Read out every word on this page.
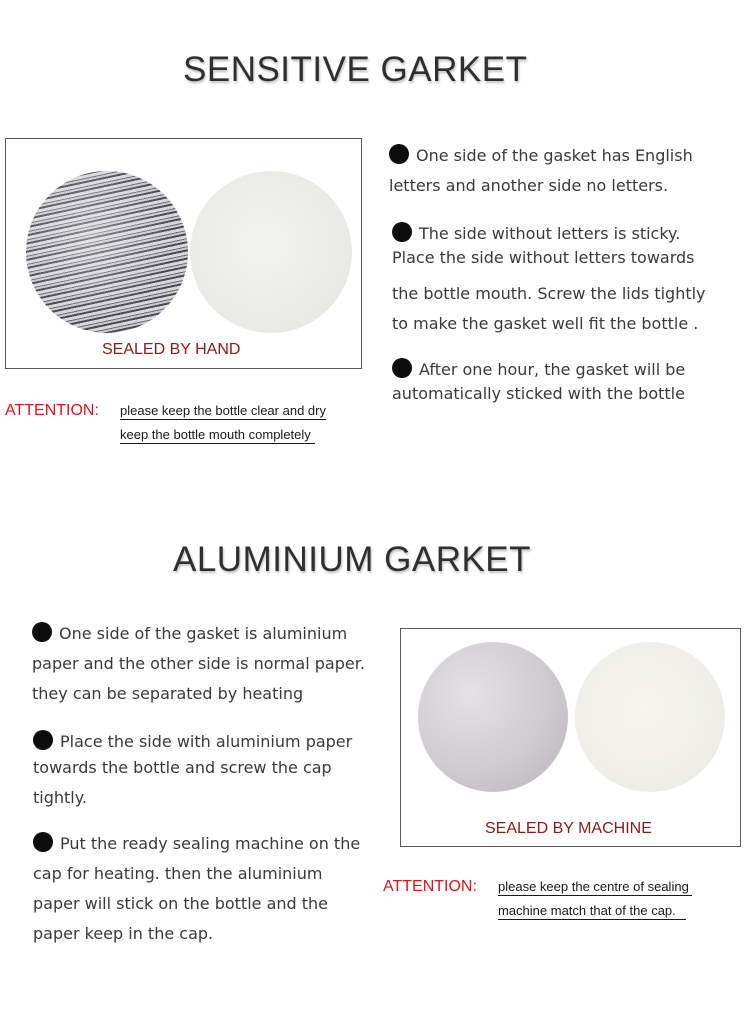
SENSITIVE GARKET
SEALED BY HAND
One side of the gasket has English
letters and another side no letters.
The side without letters is sticky.
Place the side without letters towards
the bottle mouth. Screw the lids tightly
to make the gasket well fit the bottle .
After one hour, the gasket will be
automatically sticked with the bottle
ATTENTION: please keep the bottle clear and dry
keep the bottle mouth completely
ALUMINIUM GARKET
One side of the gasket is aluminium
paper and the other side is normal paper.
they can be separated by heating
Place the side with aluminium paper
towards the bottle and screw the cap
tightly.
Put the ready sealing machine on the
cap for heating. then the aluminium
paper will stick on the bottle and the
paper keep in the cap.
SEALED BY MACHINE
ATTENTION: please keep the centre of sealing
machine match that of the cap.
